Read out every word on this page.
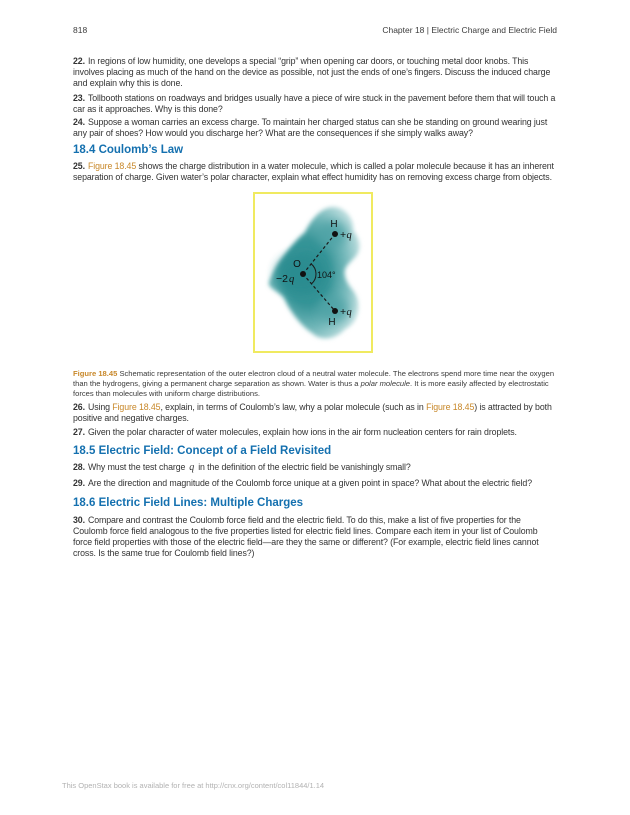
818	Chapter 18 | Electric Charge and Electric Field

22. In regions of low humidity, one develops a special “grip” when opening car doors, or touching metal door knobs. This involves placing as much of the hand on the device as possible, not just the ends of one’s fingers. Discuss the induced charge and explain why this is done.

23. Tollbooth stations on roadways and bridges usually have a piece of wire stuck in the pavement before them that will touch a car as it approaches. Why is this done?

24. Suppose a woman carries an excess charge. To maintain her charged status can she be standing on ground wearing just any pair of shoes? How would you discharge her? What are the consequences if she simply walks away?

18.4 Coulomb’s Law

25. Figure 18.45 shows the charge distribution in a water molecule, which is called a polar molecule because it has an inherent separation of charge. Given water’s polar character, explain what effect humidity has on removing excess charge from objects.

H
+ q
O
−2 q
+ q
H
104°

Figure 18.45 Schematic representation of the outer electron cloud of a neutral water molecule. The electrons spend more time near the oxygen than the hydrogens, giving a permanent charge separation as shown. Water is thus a polar molecule. It is more easily affected by electrostatic forces than molecules with uniform charge distributions.

26. Using Figure 18.45, explain, in terms of Coulomb’s law, why a polar molecule (such as in Figure 18.45) is attracted by both positive and negative charges.

27. Given the polar character of water molecules, explain how ions in the air form nucleation centers for rain droplets.

18.5 Electric Field: Concept of a Field Revisited

28. Why must the test charge q in the definition of the electric field be vanishingly small?

29. Are the direction and magnitude of the Coulomb force unique at a given point in space? What about the electric field?

18.6 Electric Field Lines: Multiple Charges

30. Compare and contrast the Coulomb force field and the electric field. To do this, make a list of five properties for the Coulomb force field analogous to the five properties listed for electric field lines. Compare each item in your list of Coulomb force field properties with those of the electric field—are they the same or different? (For example, electric field lines cannot cross. Is the same true for Coulomb field lines?)

This OpenStax book is available for free at http://cnx.org/content/col11844/1.14
